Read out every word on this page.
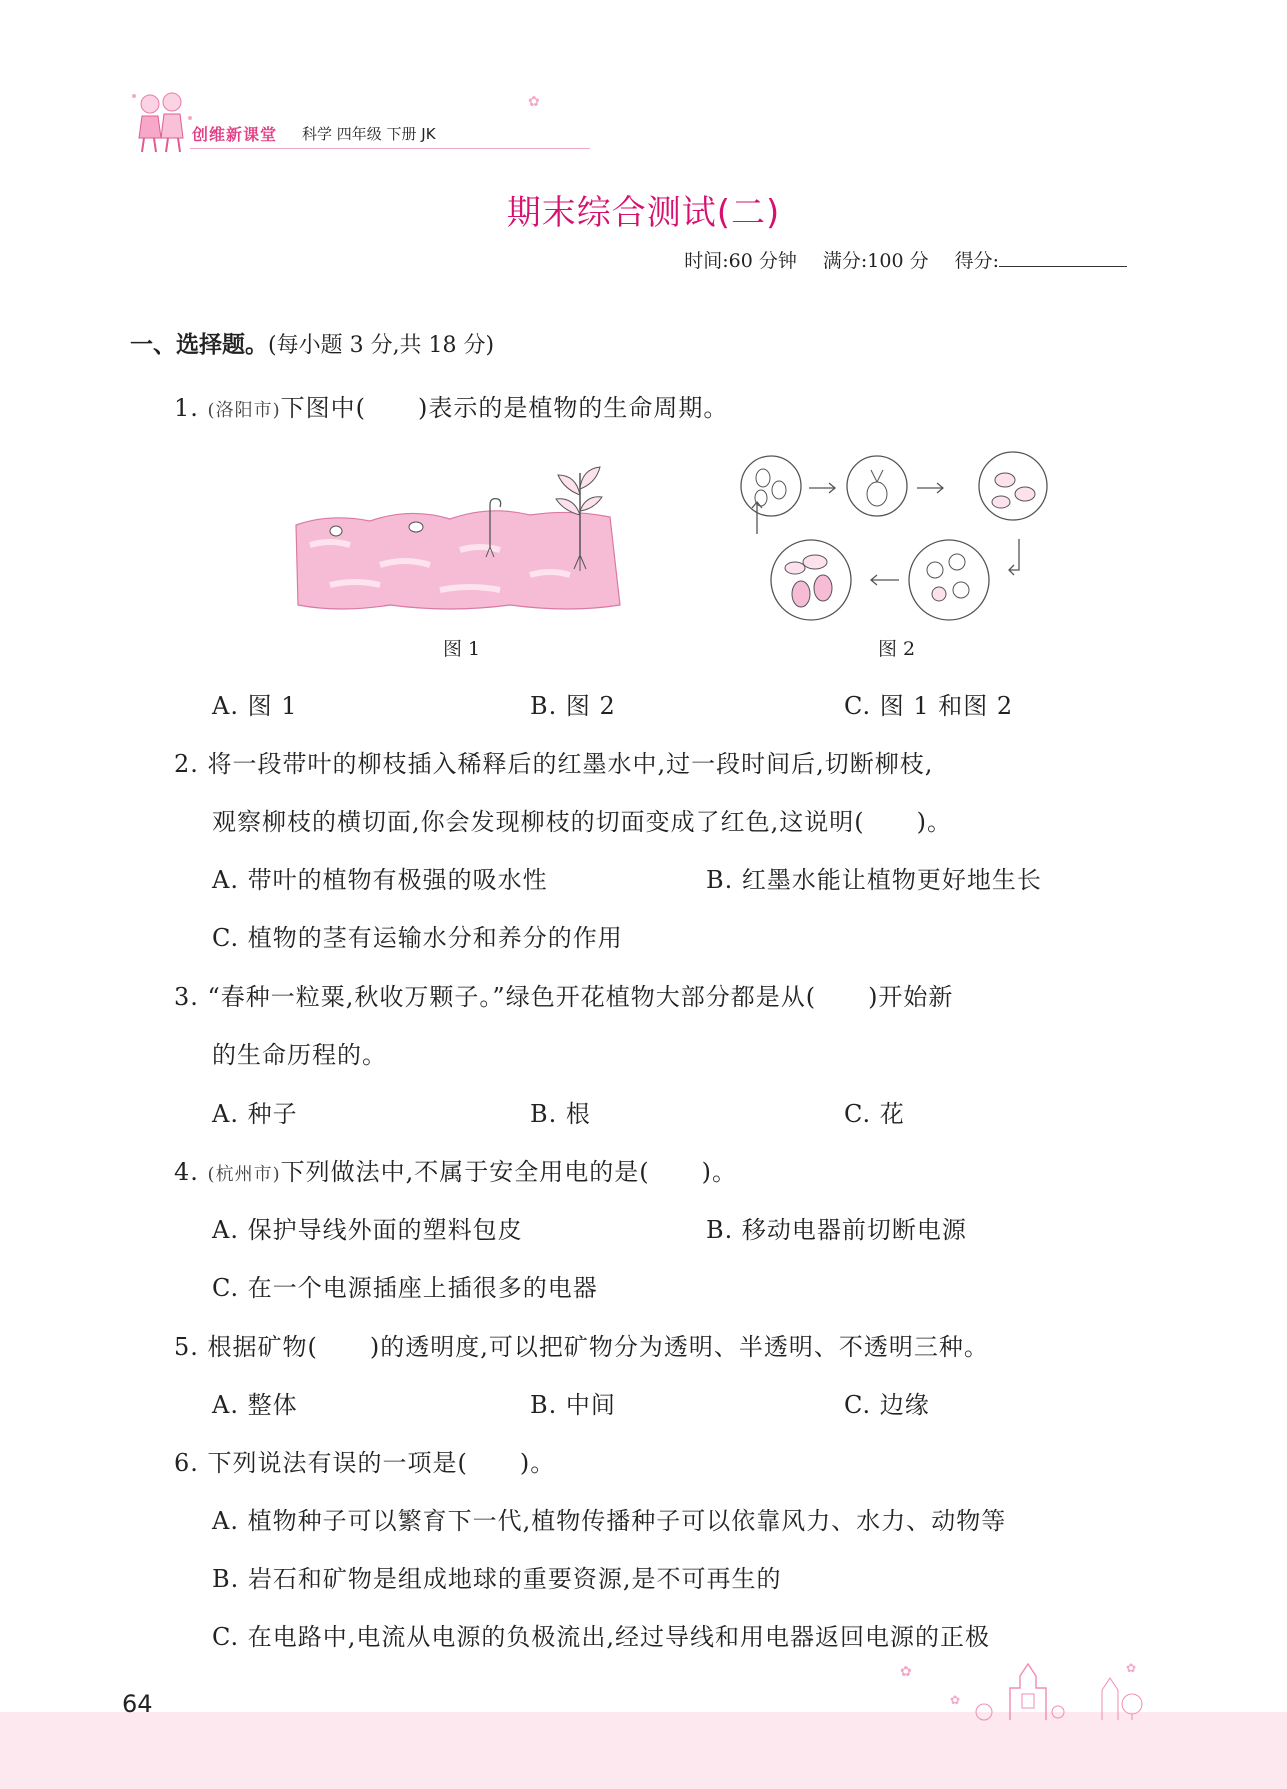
创维新课堂 科学 四年级 下册 JK
✿
期末综合测试(二)
时间:60 分钟 满分:100 分 得分:
一、选择题。(每小题 3 分,共 18 分)
1. (洛阳市)下图中( )表示的是植物的生命周期。
图 1	图 2
A. 图 1	B. 图 2	C. 图 1 和图 2
2. 将一段带叶的柳枝插入稀释后的红墨水中,过一段时间后,切断柳枝,
观察柳枝的横切面,你会发现柳枝的切面变成了红色,这说明( )。
A. 带叶的植物有极强的吸水性	B. 红墨水能让植物更好地生长
C. 植物的茎有运输水分和养分的作用
3. “春种一粒粟,秋收万颗子。”绿色开花植物大部分都是从( )开始新
的生命历程的。
A. 种子	B. 根	C. 花
4. (杭州市)下列做法中,不属于安全用电的是( )。
A. 保护导线外面的塑料包皮	B. 移动电器前切断电源
C. 在一个电源插座上插很多的电器
5. 根据矿物( )的透明度,可以把矿物分为透明、半透明、不透明三种。
A. 整体	B. 中间	C. 边缘
6. 下列说法有误的一项是( )。
A. 植物种子可以繁育下一代,植物传播种子可以依靠风力、水力、动物等
B. 岩石和矿物是组成地球的重要资源,是不可再生的
C. 在电路中,电流从电源的负极流出,经过导线和用电器返回电源的正极
✿
✿
✿
64
